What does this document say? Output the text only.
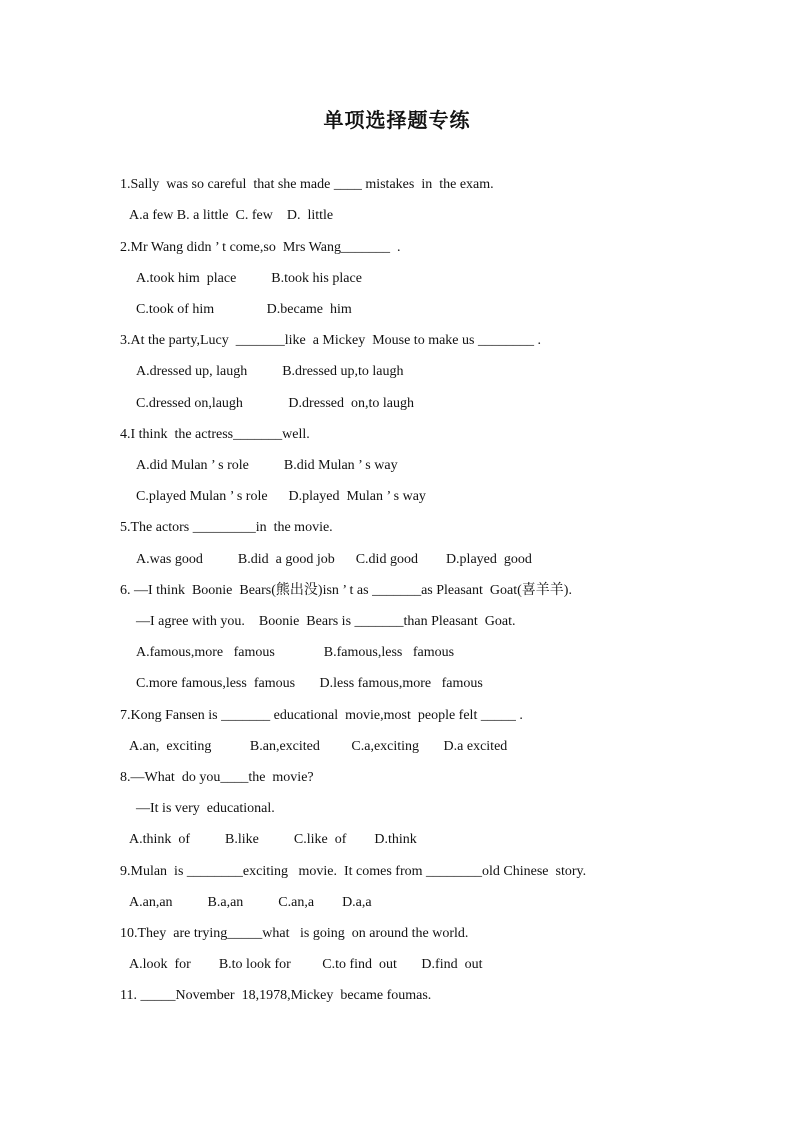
单项选择题专练
1.Sally  was so careful  that she made ____ mistakes  in  the exam.
A.a few B. a little  C. few    D.  little
2.Mr Wang didn ’ t come,so  Mrs Wang_______  .
A.took him  place          B.took his place
C.took of him               D.became  him
3.At the party,Lucy  _______like  a Mickey  Mouse to make us ________ .
A.dressed up, laugh          B.dressed up,to laugh
C.dressed on,laugh             D.dressed  on,to laugh
4.I think  the actress_______well.
A.did Mulan ’ s role          B.did Mulan ’ s way
C.played Mulan ’ s role      D.played  Mulan ’ s way
5.The actors _________in  the movie.
A.was good          B.did  a good job      C.did good        D.played  good
6. —I think  Boonie  Bears(熊出没)isn ’ t as _______as Pleasant  Goat(喜羊羊).
—I agree with you.    Boonie  Bears is _______than Pleasant  Goat.
A.famous,more   famous              B.famous,less   famous
C.more famous,less  famous       D.less famous,more   famous
7.Kong Fansen is _______ educational  movie,most  people felt _____ .
A.an,  exciting           B.an,excited         C.a,exciting       D.a excited
8.—What  do you____the  movie?
—It is very  educational.
A.think  of          B.like          C.like  of        D.think
9.Mulan  is ________exciting   movie.  It comes from ________old Chinese  story.
A.an,an          B.a,an          C.an,a        D.a,a
10.They  are trying_____what   is going  on around the world.
A.look  for        B.to look for         C.to find  out       D.find  out
11. _____November  18,1978,Mickey  became foumas.
